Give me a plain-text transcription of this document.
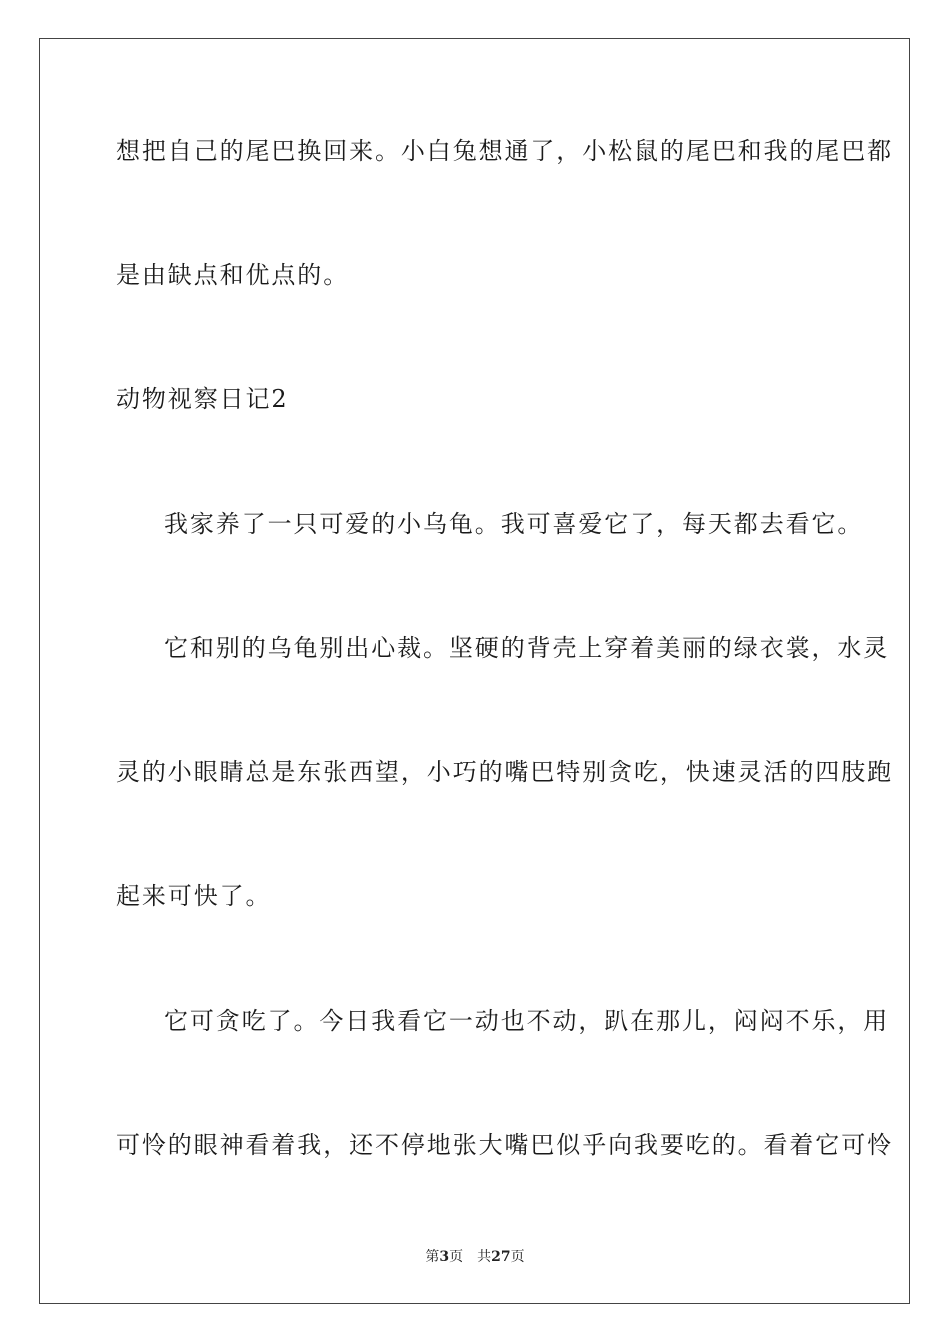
想把自己的尾巴换回来。小白兔想通了，小松鼠的尾巴和我的尾巴都
是由缺点和优点的。
动物视察日记2
我家养了一只可爱的小乌龟。我可喜爱它了，每天都去看它。
它和别的乌龟别出心裁。坚硬的背壳上穿着美丽的绿衣裳，水灵
灵的小眼睛总是东张西望，小巧的嘴巴特别贪吃，快速灵活的四肢跑
起来可快了。
它可贪吃了。今日我看它一动也不动，趴在那儿，闷闷不乐，用
可怜的眼神看着我，还不停地张大嘴巴似乎向我要吃的。看着它可怜
第3页 共27页
